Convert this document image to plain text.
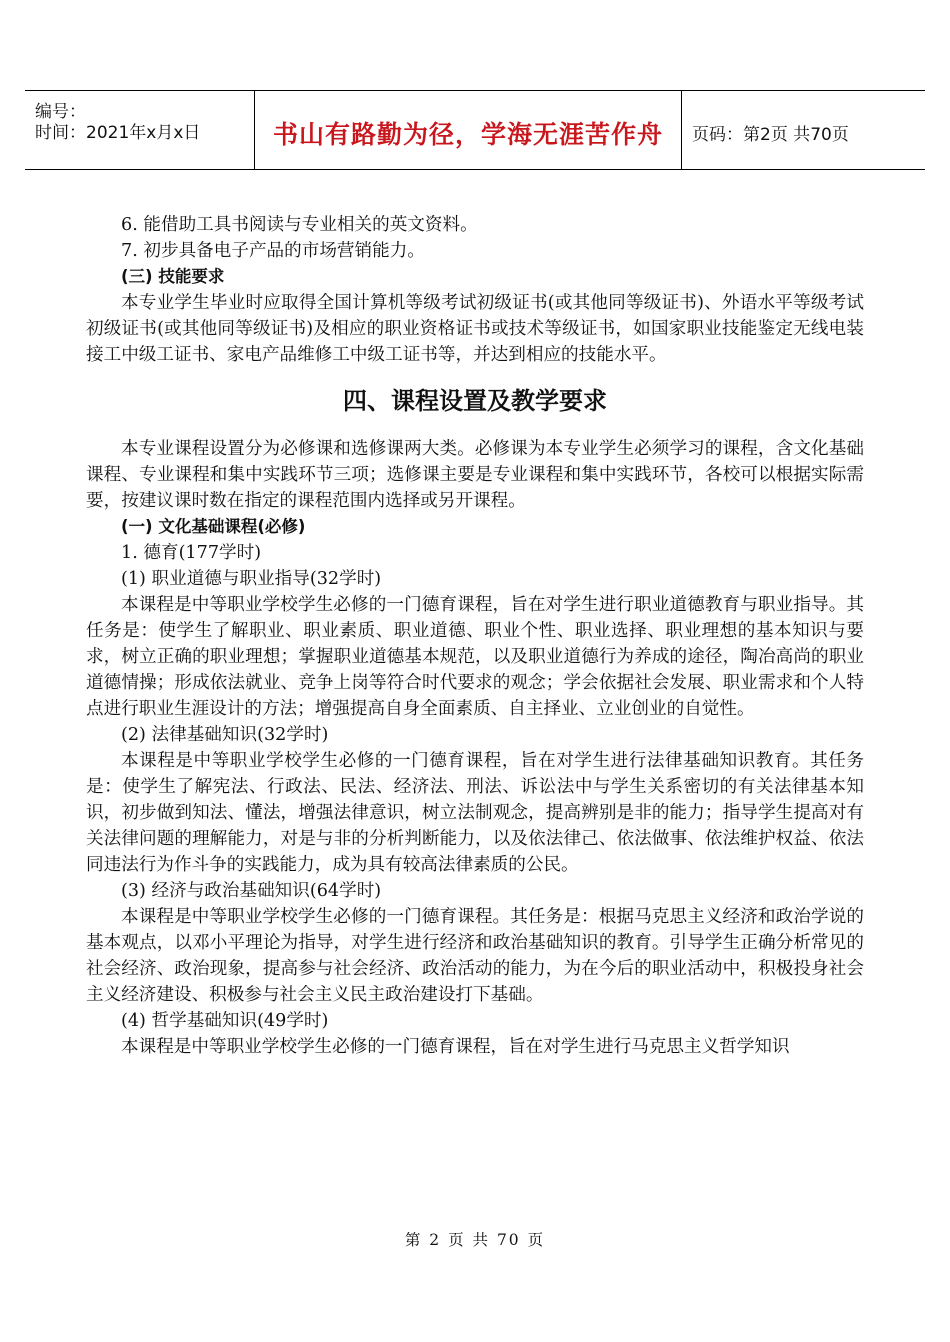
编号：
时间：2021年x月x日	书山有路勤为径，学海无涯苦作舟 页码：第2页 共70页

6. 能借助工具书阅读与专业相关的英文资料。

7. 初步具备电子产品的市场营销能力。

(三) 技能要求

本专业学生毕业时应取得全国计算机等级考试初级证书(或其他同等级证书)、外语水平等级考试初级证书(或其他同等级证书)及相应的职业资格证书或技术等级证书，如国家职业技能鉴定无线电装接工中级工证书、家电产品维修工中级工证书等，并达到相应的技能水平。

四、课程设置及教学要求

本专业课程设置分为必修课和选修课两大类。必修课为本专业学生必须学习的课程，含文化基础课程、专业课程和集中实践环节三项；选修课主要是专业课程和集中实践环节，各校可以根据实际需要，按建议课时数在指定的课程范围内选择或另开课程。

(一) 文化基础课程(必修)

1. 德育(177学时)

(1) 职业道德与职业指导(32学时)

本课程是中等职业学校学生必修的一门德育课程，旨在对学生进行职业道德教育与职业指导。其任务是：使学生了解职业、职业素质、职业道德、职业个性、职业选择、职业理想的基本知识与要求，树立正确的职业理想；掌握职业道德基本规范，以及职业道德行为养成的途径，陶冶高尚的职业道德情操；形成依法就业、竞争上岗等符合时代要求的观念；学会依据社会发展、职业需求和个人特点进行职业生涯设计的方法；增强提高自身全面素质、自主择业、立业创业的自觉性。

(2) 法律基础知识(32学时)

本课程是中等职业学校学生必修的一门德育课程，旨在对学生进行法律基础知识教育。其任务是：使学生了解宪法、行政法、民法、经济法、刑法、诉讼法中与学生关系密切的有关法律基本知识，初步做到知法、懂法，增强法律意识，树立法制观念，提高辨别是非的能力；指导学生提高对有关法律问题的理解能力，对是与非的分析判断能力，以及依法律己、依法做事、依法维护权益、依法同违法行为作斗争的实践能力，成为具有较高法律素质的公民。

(3) 经济与政治基础知识(64学时)

本课程是中等职业学校学生必修的一门德育课程。其任务是：根据马克思主义经济和政治学说的基本观点，以邓小平理论为指导，对学生进行经济和政治基础知识的教育。引导学生正确分析常见的社会经济、政治现象，提高参与社会经济、政治活动的能力，为在今后的职业活动中，积极投身社会主义经济建设、积极参与社会主义民主政治建设打下基础。

(4) 哲学基础知识(49学时)

本课程是中等职业学校学生必修的一门德育课程，旨在对学生进行马克思主义哲学知识

第 2 页 共 70 页
